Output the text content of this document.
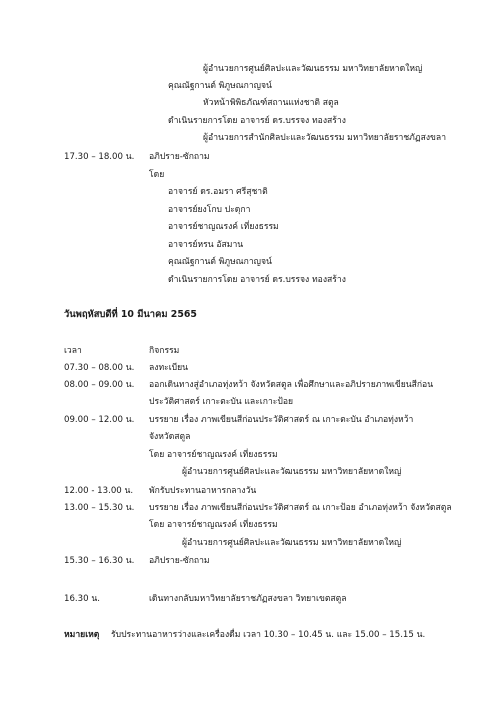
ผู้อำนวยการศูนย์ศิลปะและวัฒนธรรม มหาวิทยาลัยหาดใหญ่
คุณณัฐกานต์ พิภูษณกาญจน์
หัวหน้าพิพิธภัณฑ์สถานแห่งชาติ สตูล
ดำเนินรายการโดย อาจารย์ ดร.บรรจง ทองสร้าง
ผู้อำนวยการสำนักศิลปะและวัฒนธรรม มหาวิทยาลัยราชภัฏสงขลา
17.30 – 18.00 น. อภิปราย-ซักถาม
โดย
อาจารย์ ดร.อมรา ศรีสุชาติ
อาจารย์ยงโกบ ปะดุกา
อาจารย์ชาญณรงค์ เที่ยงธรรม
อาจารย์หรน อัสมาน
คุณณัฐกานต์ พิภูษณกาญจน์
ดำเนินรายการโดย อาจารย์ ดร.บรรจง ทองสร้าง
วันพฤหัสบดีที่ 10 มีนาคม 2565
เวลา	กิจกรรม
07.30 – 08.00 น. ลงทะเบียน
08.00 – 09.00 น. ออกเดินทางสู่อำเภอทุ่งหว้า จังหวัดสตูล เพื่อศึกษาและอภิปรายภาพเขียนสีก่อน
ประวัติศาสตร์ เกาะตะบัน และเกาะป้อย
09.00 – 12.00 น. บรรยาย เรื่อง ภาพเขียนสีก่อนประวัติศาสตร์ ณ เกาะตะบัน อำเภอทุ่งหว้า
จังหวัดสตูล
โดย อาจารย์ชาญณรงค์ เที่ยงธรรม
ผู้อำนวยการศูนย์ศิลปะและวัฒนธรรม มหาวิทยาลัยหาดใหญ่
12.00 - 13.00 น. พักรับประทานอาหารกลางวัน
13.00 – 15.30 น. บรรยาย เรื่อง ภาพเขียนสีก่อนประวัติศาสตร์ ณ เกาะป้อย อำเภอทุ่งหว้า จังหวัดสตูล
โดย อาจารย์ชาญณรงค์ เที่ยงธรรม
ผู้อำนวยการศูนย์ศิลปะและวัฒนธรรม มหาวิทยาลัยหาดใหญ่
15.30 – 16.30 น. อภิปราย-ซักถาม
16.30 น.	เดินทางกลับมหาวิทยาลัยราชภัฏสงขลา วิทยาเขตสตูล
หมายเหตุ รับประทานอาหารว่างและเครื่องดื่ม เวลา 10.30 – 10.45 น. และ 15.00 – 15.15 น.
